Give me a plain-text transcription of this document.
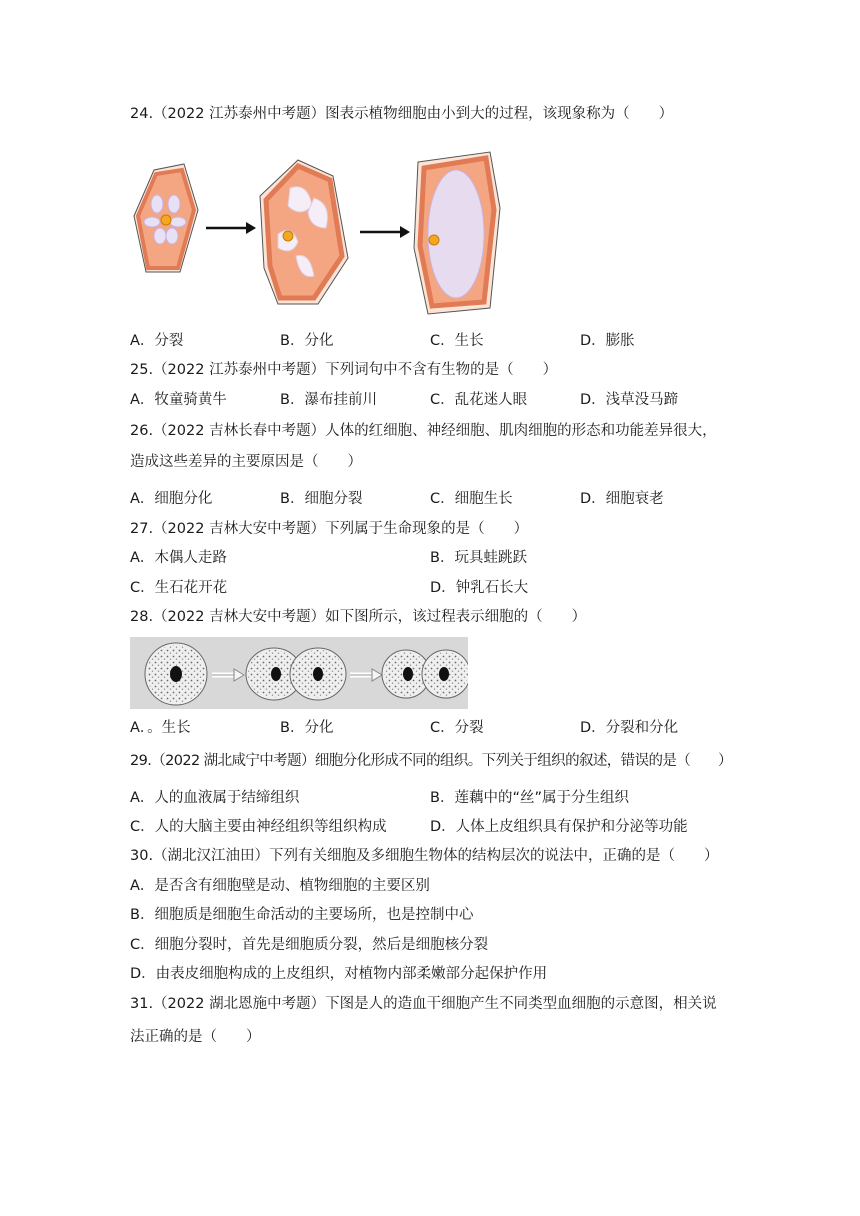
24.（2022 江苏泰州中考题）图表示植物细胞由小到大的过程，该现象称为（　　）
A．分裂	B．分化	C．生长	D．膨胀
25.（2022 江苏泰州中考题）下列词句中不含有生物的是（　　）
A．牧童骑黄牛	B．瀑布挂前川	C．乱花迷人眼	D．浅草没马蹄
26.（2022 吉林长春中考题）人体的红细胞、神经细胞、肌肉细胞的形态和功能差异很大，
造成这些差异的主要原因是（　　）
A．细胞分化	B．细胞分裂	C．细胞生长	D．细胞衰老
27.（2022 吉林大安中考题）下列属于生命现象的是（　　）
A．木偶人走路	B．玩具蛙跳跃
C．生石花开花	D．钟乳石长大
28.（2022 吉林大安中考题）如下图所示，该过程表示细胞的（　　）
A．。生长	B．分化	C．分裂	D．分裂和分化
29.（2022 湖北咸宁中考题）细胞分化形成不同的组织。下列关于组织的叙述，错误的是（　　）
A．人的血液属于结缔组织	B．莲藕中的“丝”属于分生组织
C．人的大脑主要由神经组织等组织构成	D．人体上皮组织具有保护和分泌等功能
30.（湖北汉江油田）下列有关细胞及多细胞生物体的结构层次的说法中，正确的是（　　）
A．是否含有细胞壁是动、植物细胞的主要区别
B．细胞质是细胞生命活动的主要场所，也是控制中心
C．细胞分裂时，首先是细胞质分裂，然后是细胞核分裂
D．由表皮细胞构成的上皮组织，对植物内部柔嫩部分起保护作用
31.（2022 湖北恩施中考题）下图是人的造血干细胞产生不同类型血细胞的示意图，相关说
法正确的是（　　）
